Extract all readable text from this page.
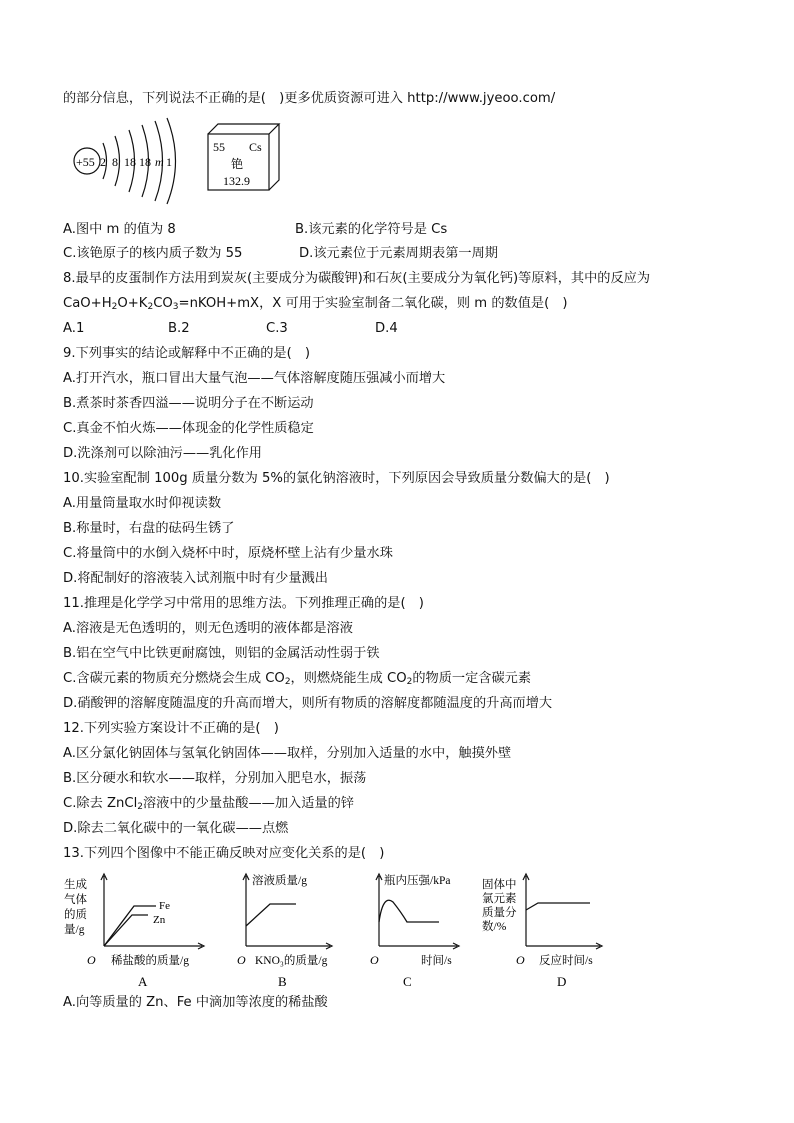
的部分信息，下列说法不正确的是(　)更多优质资源可进入 http://www.jyeoo.com/
+55 2 8 18 18 m 1
55 Cs
铯
132.9
A.图中 m 的值为 8	B.该元素的化学符号是 Cs
C.该铯原子的核内质子数为 55	D.该元素位于元素周期表第一周期
8.最早的皮蛋制作方法用到炭灰(主要成分为碳酸钾)和石灰(主要成分为氧化钙)等原料，其中的反应为
$CaO+H_2O+K_2CO_3=nKOH+mX$，X 可用于实验室制备二氧化碳，则 m 的数值是(　)
A.1	B.2	C.3	D.4
9.下列事实的结论或解释中不正确的是(　)
A.打开汽水，瓶口冒出大量气泡——气体溶解度随压强减小而增大
B.煮茶时茶香四溢——说明分子在不断运动
C.真金不怕火炼——体现金的化学性质稳定
D.洗涤剂可以除油污——乳化作用
10.实验室配制 100g 质量分数为 5%的氯化钠溶液时，下列原因会导致质量分数偏大的是(　)
A.用量筒量取水时仰视读数
B.称量时，右盘的砝码生锈了
C.将量筒中的水倒入烧杯中时，原烧杯壁上沾有少量水珠
D.将配制好的溶液装入试剂瓶中时有少量溅出
11.推理是化学学习中常用的思维方法。下列推理正确的是(　)
A.溶液是无色透明的，则无色透明的液体都是溶液
B.铝在空气中比铁更耐腐蚀，则铝的金属活动性弱于铁
C.含碳元素的物质充分燃烧会生成 $CO_2$，则燃烧能生成 $CO_2$的物质一定含碳元素
D.硝酸钾的溶解度随温度的升高而增大，则所有物质的溶解度都随温度的升高而增大
12.下列实验方案设计不正确的是(　)
A.区分氯化钠固体与氢氧化钠固体——取样，分别加入适量的水中，触摸外壁
B.区分硬水和软水——取样，分别加入肥皂水，振荡
C.除去 ZnCl$_2$溶液中的少量盐酸——加入适量的锌
D.除去二氧化碳中的一氧化碳——点燃
13.下列四个图像中不能正确反映对应变化关系的是(　)
生成
气体
的质
量/g
Fe
Zn
O 稀盐酸的质量/g
A
溶液质量/g
O KNO₃的质量/g
B
瓶内压强/kPa
O	时间/s
C
固体中
氯元素
质量分
数/%
O 反应时间/s
D
A.向等质量的 Zn、Fe 中滴加等浓度的稀盐酸
